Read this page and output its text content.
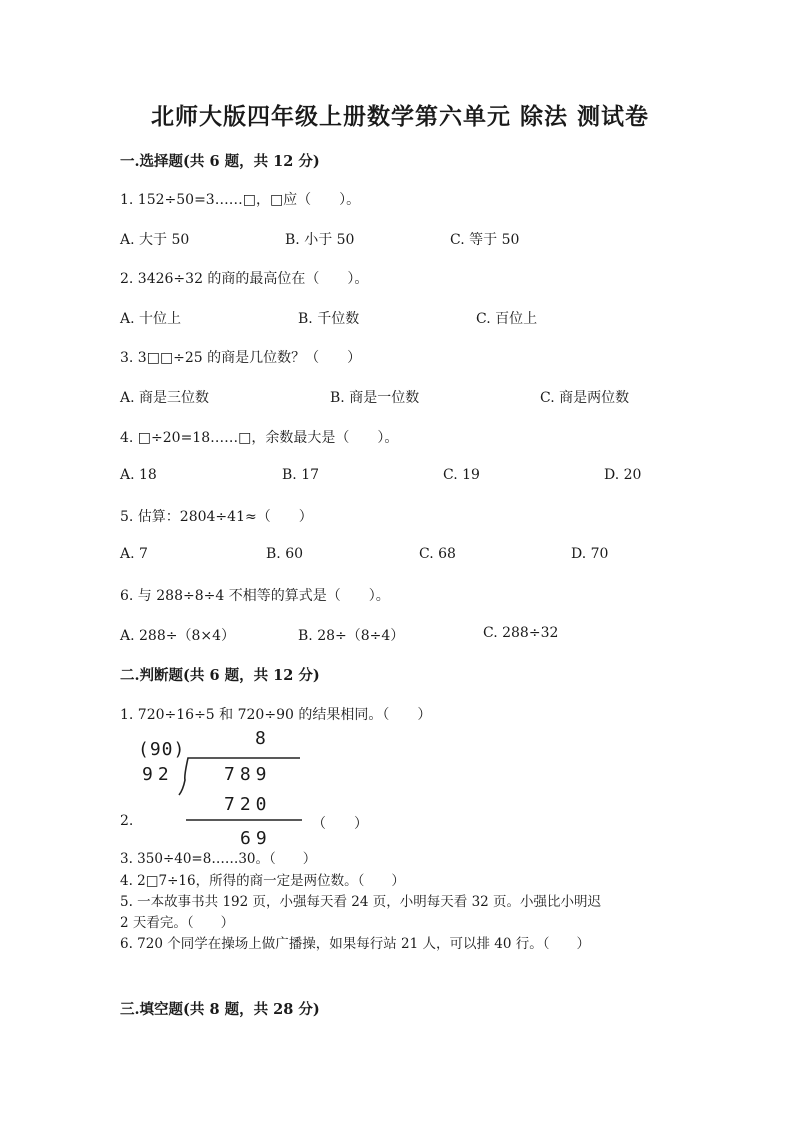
北师大版四年级上册数学第六单元 除法 测试卷
一.选择题(共 6 题，共 12 分)
1. 152÷50=3……□，□应（　　）。
A. 大于 50	B. 小于 50	C. 等于 50
2. 3426÷32 的商的最高位在（　　）。
A. 十位上	B. 千位数	C. 百位上
3. 3□□÷25 的商是几位数？（　　）
A. 商是三位数	B. 商是一位数	C. 商是两位数
4. □÷20=18……□，余数最大是（　　）。
A. 18	B. 17	C. 19	D. 20
5. 估算：2804÷41≈（　　）
A. 7	B. 60	C. 68	D. 70
6. 与 288÷8÷4 不相等的算式是（　　）。
A. 288÷（8×4）	B. 28÷（8÷4）	C. 288÷32
二.判断题(共 6 题，共 12 分)
1. 720÷16÷5 和 720÷90 的结果相同。（　　）
8
(90)
92	789
720
69
2.	（　　）
3. 350÷40=8……30。（　　）
4. 2□7÷16，所得的商一定是两位数。（　　）
5. 一本故事书共 192 页，小强每天看 24 页，小明每天看 32 页。小强比小明迟
2 天看完。（　　）
6. 720 个同学在操场上做广播操，如果每行站 21 人，可以排 40 行。（　　）
三.填空题(共 8 题，共 28 分)
